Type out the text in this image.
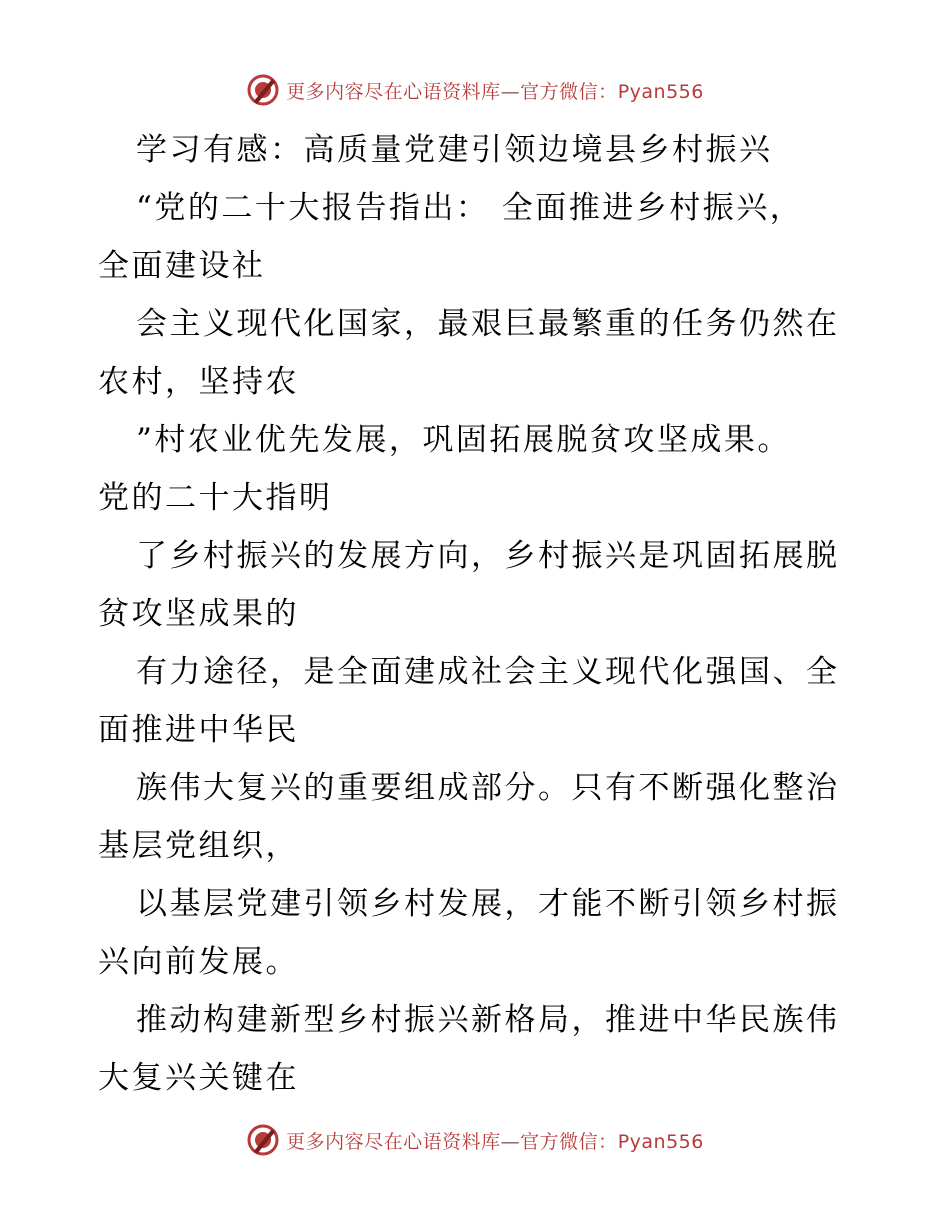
更多内容尽在心语资料库—官方微信：Pyan556
学习有感：高质量党建引领边境县乡村振兴
“党的二十大报告指出： 全面推进乡村振兴，
全面建设社
会主义现代化国家，最艰巨最繁重的任务仍然在
农村，坚持农
”村农业优先发展，巩固拓展脱贫攻坚成果。
党的二十大指明
了乡村振兴的发展方向，乡村振兴是巩固拓展脱
贫攻坚成果的
有力途径，是全面建成社会主义现代化强国、全
面推进中华民
族伟大复兴的重要组成部分。只有不断强化整治
基层党组织，
以基层党建引领乡村发展，才能不断引领乡村振
兴向前发展。
推动构建新型乡村振兴新格局，推进中华民族伟
大复兴关键在
更多内容尽在心语资料库—官方微信：Pyan556
